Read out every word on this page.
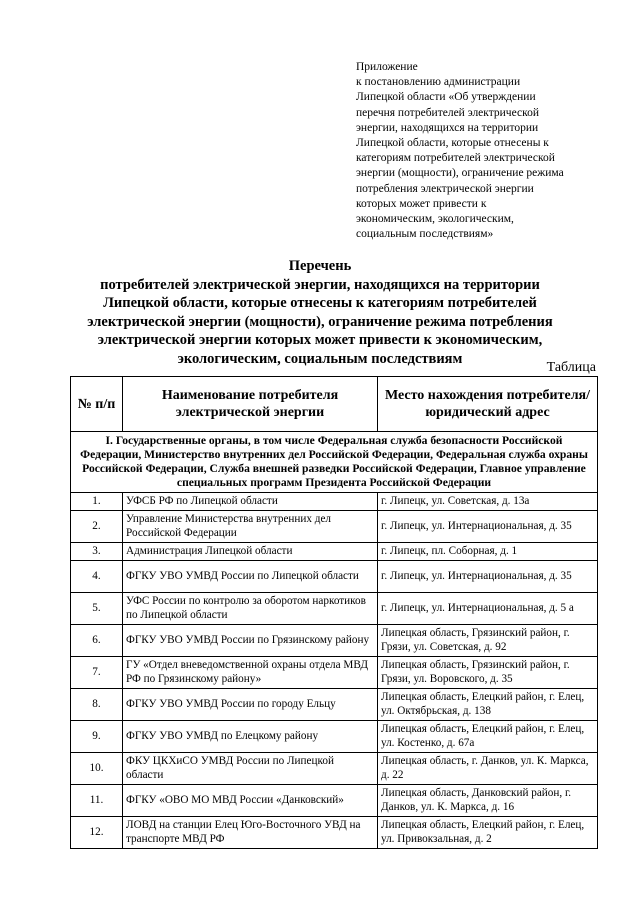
Приложение
к постановлению администрации
Липецкой области «Об утверждении
перечня потребителей электрической
энергии, находящихся на территории
Липецкой области, которые отнесены к
категориям потребителей электрической
энергии (мощности), ограничение режима
потребления электрической энергии
которых может привести к
экономическим, экологическим,
социальным последствиям»
Перечень
потребителей электрической энергии, находящихся на территории
Липецкой области, которые отнесены к категориям потребителей
электрической энергии (мощности), ограничение режима потребления
электрической энергии которых может привести к экономическим,
экологическим, социальным последствиям
Таблица
№ п/п	Наименование потребителя электрической энергии	Место нахождения потребителя/юридический адрес
I. Государственные органы, в том числе Федеральная служба безопасности Российской Федерации, Министерство внутренних дел Российской Федерации, Федеральная служба охраны Российской Федерации, Служба внешней разведки Российской Федерации, Главное управление специальных программ Президента Российской Федерации		
1.	УФСБ РФ по Липецкой области	г. Липецк, ул. Советская, д. 13а
2.	Управление Министерства внутренних дел Российской Федерации	г. Липецк, ул. Интернациональная, д. 35
3.	Администрация Липецкой области	г. Липецк, пл. Соборная, д. 1
4.	ФГКУ УВО УМВД России по Липецкой области	г. Липецк, ул. Интернациональная, д. 35
5.	УФС России по контролю за оборотом наркотиков по Липецкой области	г. Липецк, ул. Интернациональная, д. 5 а
6.	ФГКУ УВО УМВД России по Грязинскому району	Липецкая область, Грязинский район, г. Грязи, ул. Советская, д. 92
7.	ГУ «Отдел вневедомственной охраны отдела МВД РФ по Грязинскому району»	Липецкая область, Грязинский район, г. Грязи, ул. Воровского, д. 35
8.	ФГКУ УВО УМВД России по городу Ельцу	Липецкая область, Елецкий район, г. Елец, ул. Октябрьская, д. 138
9.	ФГКУ УВО УМВД по Елецкому району	Липецкая область, Елецкий район, г. Елец, ул. Костенко, д. 67а
10.	ФКУ ЦКХиСО УМВД России по Липецкой области	Липецкая область, г. Данков, ул. К. Маркса, д. 22
11.	ФГКУ «ОВО МО МВД России «Данковский»	Липецкая область, Данковский район, г. Данков, ул. К. Маркса, д. 16
12.	ЛОВД на станции Елец Юго-Восточного УВД на транспорте МВД РФ	Липецкая область, Елецкий район, г. Елец, ул. Привокзальная, д. 2
